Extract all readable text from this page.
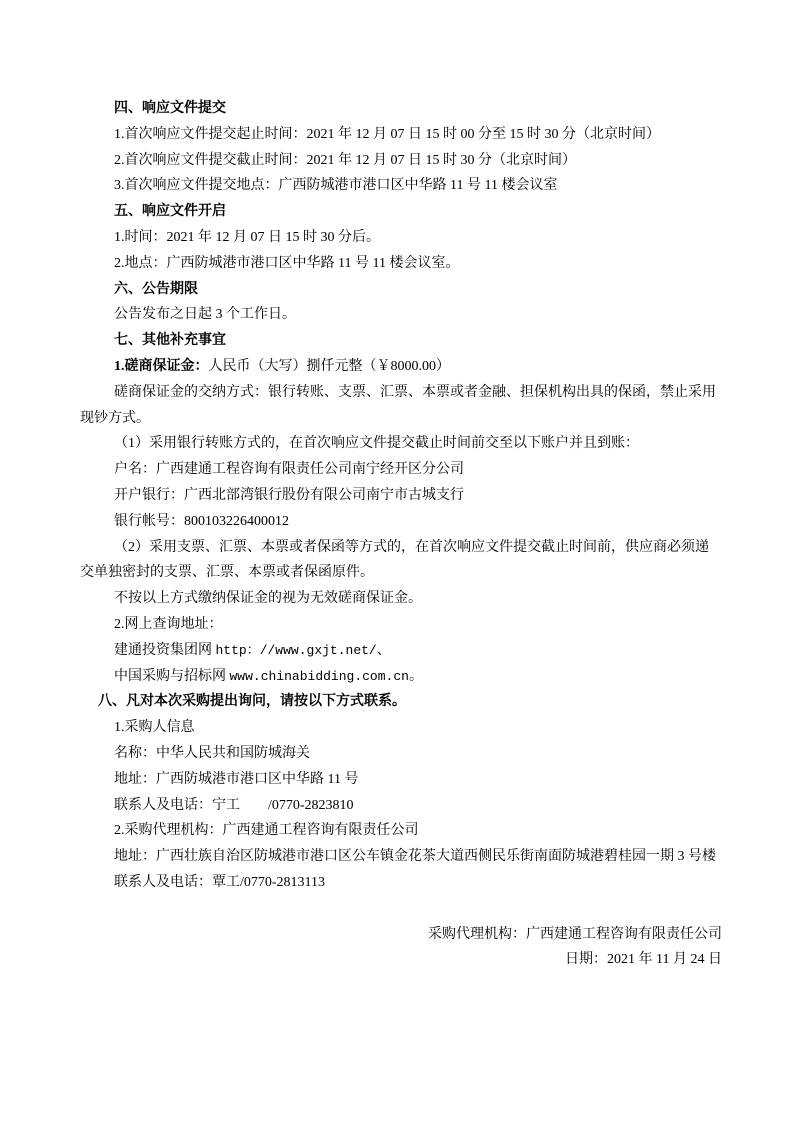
四、响应文件提交

1.首次响应文件提交起止时间：2021 年 12 月 07 日 15 时 00 分至 15 时 30 分（北京时间）

2.首次响应文件提交截止时间：2021 年 12 月 07 日 15 时 30 分（北京时间）

3.首次响应文件提交地点：广西防城港市港口区中华路 11 号 11 楼会议室

五、响应文件开启

1.时间：2021 年 12 月 07 日 15 时 30 分后。

2.地点：广西防城港市港口区中华路 11 号 11 楼会议室。

六、公告期限

公告发布之日起 3 个工作日。

七、其他补充事宜

1.磋商保证金：人民币（大写）捌仟元整（￥8000.00）

磋商保证金的交纳方式：银行转账、支票、汇票、本票或者金融、担保机构出具的保函，禁止采用现钞方式。

（1）采用银行转账方式的，在首次响应文件提交截止时间前交至以下账户并且到账：

户名：广西建通工程咨询有限责任公司南宁经开区分公司

开户银行：广西北部湾银行股份有限公司南宁市古城支行

银行帐号：800103226400012

（2）采用支票、汇票、本票或者保函等方式的，在首次响应文件提交截止时间前，供应商必须递交单独密封的支票、汇票、本票或者保函原件。

不按以上方式缴纳保证金的视为无效磋商保证金。

2.网上查询地址：

建通投资集团网 http：//www.gxjt.net/、

中国采购与招标网 www.chinabidding.com.cn。

八、凡对本次采购提出询问，请按以下方式联系。

1.采购人信息

名称：中华人民共和国防城海关

地址：广西防城港市港口区中华路 11 号

联系人及电话：宁工　　/0770-2823810

2.采购代理机构：广西建通工程咨询有限责任公司

地址：广西壮族自治区防城港市港口区公车镇金花茶大道西侧民乐街南面防城港碧桂园一期 3 号楼

联系人及电话：覃工/0770-2813113

采购代理机构：广西建通工程咨询有限责任公司

日期：2021 年 11 月 24 日
